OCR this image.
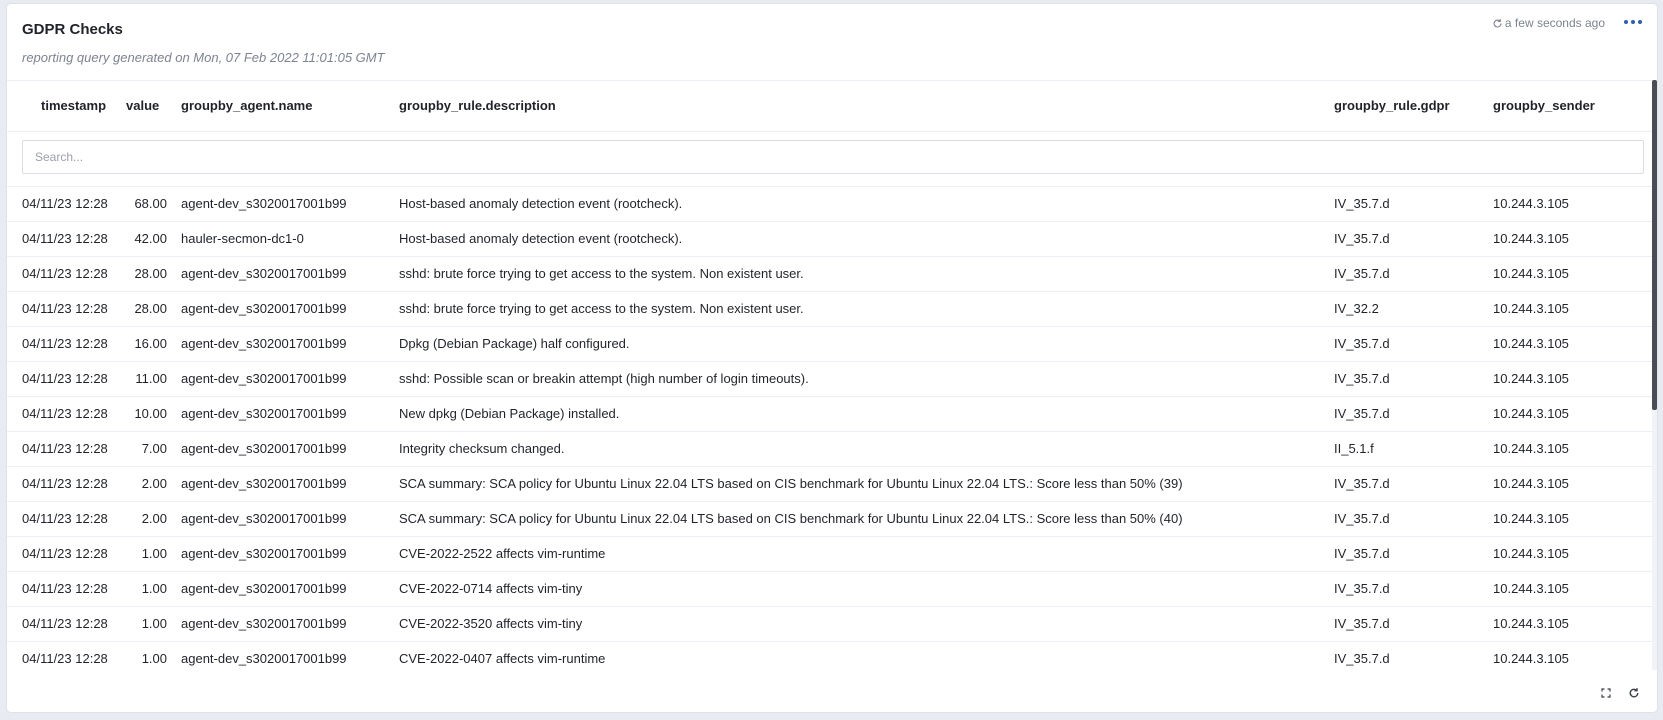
GDPR Checks
reporting query generated on Mon, 07 Feb 2022 11:01:05 GMT
a few seconds ago
timestamp value groupby_agent.name	groupby_rule.description	groupby_rule.gdpr	groupby_sender
Search...
04/11/23 12:28	68.00 agent-dev_s3020017001b99	Host-based anomaly detection event (rootcheck).	IV_35.7.d	10.244.3.105
04/11/23 12:28	42.00 hauler-secmon-dc1-0	Host-based anomaly detection event (rootcheck).	IV_35.7.d	10.244.3.105
04/11/23 12:28	28.00 agent-dev_s3020017001b99	sshd: brute force trying to get access to the system. Non existent user.	IV_35.7.d	10.244.3.105
04/11/23 12:28	28.00 agent-dev_s3020017001b99	sshd: brute force trying to get access to the system. Non existent user.	IV_32.2	10.244.3.105
04/11/23 12:28	16.00 agent-dev_s3020017001b99	Dpkg (Debian Package) half configured.	IV_35.7.d	10.244.3.105
04/11/23 12:28	11.00 agent-dev_s3020017001b99	sshd: Possible scan or breakin attempt (high number of login timeouts).	IV_35.7.d	10.244.3.105
04/11/23 12:28	10.00 agent-dev_s3020017001b99	New dpkg (Debian Package) installed.	IV_35.7.d	10.244.3.105
04/11/23 12:28	7.00 agent-dev_s3020017001b99	Integrity checksum changed.	II_5.1.f	10.244.3.105
04/11/23 12:28	2.00 agent-dev_s3020017001b99	SCA summary: SCA policy for Ubuntu Linux 22.04 LTS based on CIS benchmark for Ubuntu Linux 22.04 LTS.: Score less than 50% (39)	IV_35.7.d	10.244.3.105
04/11/23 12:28	2.00 agent-dev_s3020017001b99	SCA summary: SCA policy for Ubuntu Linux 22.04 LTS based on CIS benchmark for Ubuntu Linux 22.04 LTS.: Score less than 50% (40)	IV_35.7.d	10.244.3.105
04/11/23 12:28	1.00 agent-dev_s3020017001b99	CVE-2022-2522 affects vim-runtime	IV_35.7.d	10.244.3.105
04/11/23 12:28	1.00 agent-dev_s3020017001b99	CVE-2022-0714 affects vim-tiny	IV_35.7.d	10.244.3.105
04/11/23 12:28	1.00 agent-dev_s3020017001b99	CVE-2022-3520 affects vim-tiny	IV_35.7.d	10.244.3.105
04/11/23 12:28	1.00 agent-dev_s3020017001b99	CVE-2022-0407 affects vim-runtime	IV_35.7.d	10.244.3.105
